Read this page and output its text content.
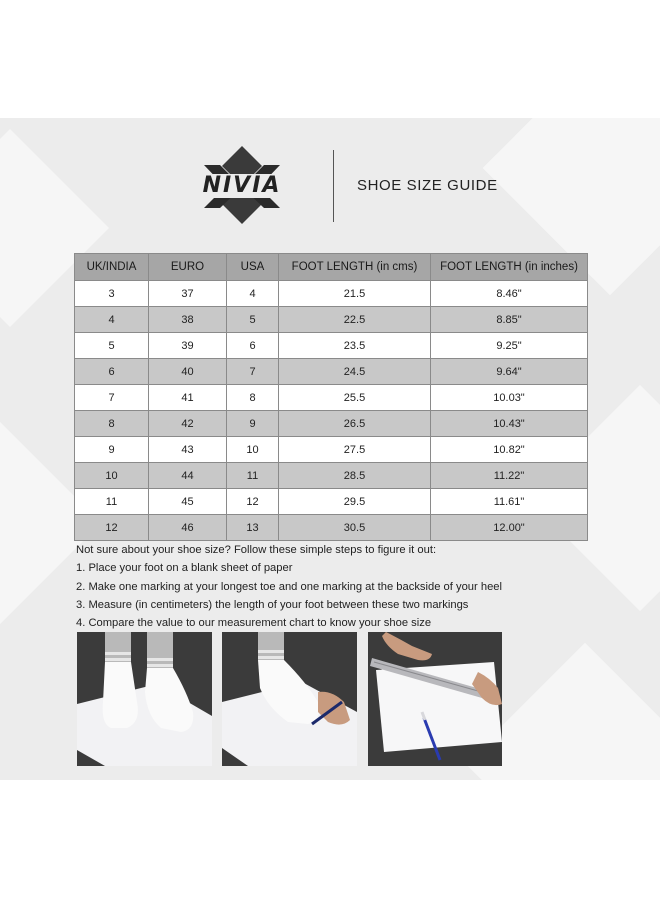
NIVIA	SHOE SIZE GUIDE
UK/INDIA	EURO	USA	FOOT LENGTH (in cms)	FOOT LENGTH (in inches)
3	37	4	21.5	8.46"
4	38	5	22.5	8.85"
5	39	6	23.5	9.25"
6	40	7	24.5	9.64"
7	41	8	25.5	10.03"
8	42	9	26.5	10.43"
9	43	10	27.5	10.82"
10	44	11	28.5	11.22"
11	45	12	29.5	11.61"
12	46	13	30.5	12.00"
Not sure about your shoe size? Follow these simple steps to figure it out:
1. Place your foot on a blank sheet of paper
2. Make one marking at your longest toe and one marking at the backside of your heel
3. Measure (in centimeters) the length of your foot between these two markings
4. Compare the value to our measurement chart to know your shoe size
